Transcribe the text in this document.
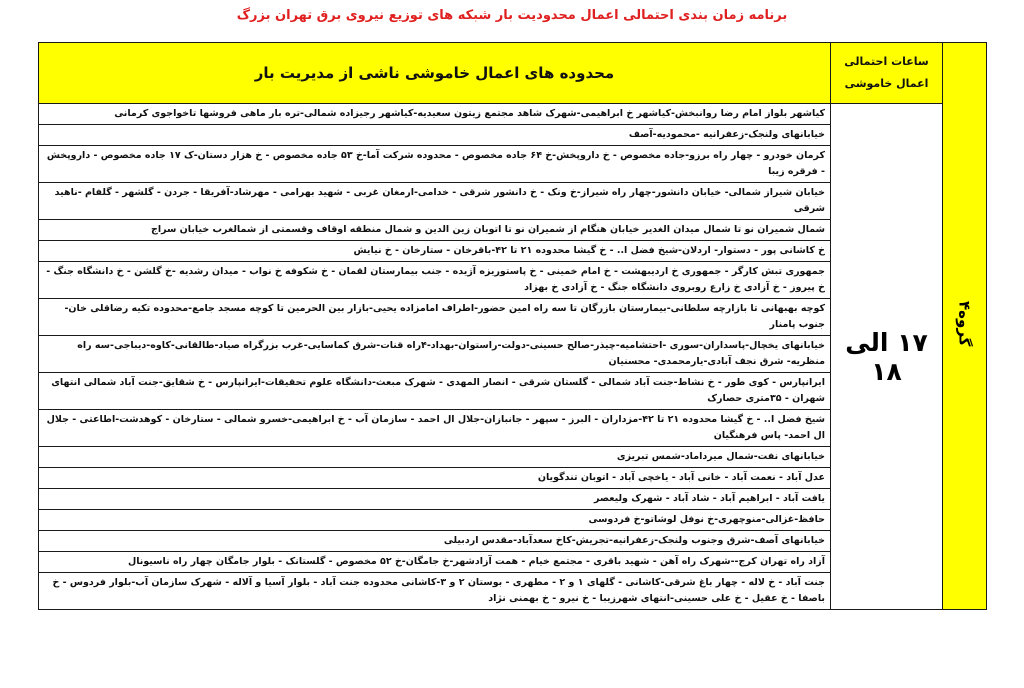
برنامه زمان بندی احتمالی اعمال محدودیت بار شبکه های توزیع نیروی برق تهران بزرگ
گروه۴	ساعات احتمالی اعمال خاموشی	محدوده های اعمال خاموشی ناشی از مدیریت بار
	۱۷ الی ۱۸	کیاشهر بلواز امام رضا روانبخش-کیاشهر خ ابراهیمی-شهرک شاهد مجتمع زیتون سعیدیه-کیاشهر رجیزاده شمالی-تره بار ماهی فروشها تاخواجوی کرمانی
		خیابانهای ولنجک-زعفرانیه -محمودیه-آصف
		کرمان خودرو - چهار راه برزو-جاده مخصوص - خ داروپخش-خ ۶۴ جاده مخصوص - محدوده شرکت آما-خ ۵۳ جاده مخصوص - خ هزار دستان-ک ۱۷ جاده مخصوص - داروپخش - فرقره زیبا
		خیابان شیراز شمالی- خیابان دانشور-چهار راه شیراز-خ ونک - خ دانشور شرقی - خدامی-ارمغان غربی - شهید بهرامی - مهرشاد-آفریقا - جردن - گلشهر - گلفام -ناهید شرقی
		شمال شمیران نو تا شمال میدان الغدیر خیابان هنگام از شمیران نو تا اتوبان زین الدین و شمال منطقه اوقاف وقسمتی از شمالغرب خیابان سراج
		خ کاشانی پور - دستوار- اردلان-شیخ فضل ا.. - خ گیشا محدوده ۲۱ تا ۴۲-باقرخان - ستارخان - خ نیایش
		جمهوری تبش کارگر - جمهوری خ اردیبهشت - خ امام خمینی - خ پاستوریزه آژیده - جنب بیمارستان لقمان - خ شکوفه خ نواب - میدان رشدیه -خ گلشن - خ دانشگاه جنگ - خ پیروز - خ آزادی خ زارع روبروی دانشگاه جنگ - خ آزادی خ بهزاد
		کوچه بهبهانی تا بازارچه سلطانی-بیمارستان بازرگان تا سه راه امین حضور-اطراف امامزاده یحیی-بازار بین الحرمین تا کوچه مسجد جامع-محدوده تکیه رضاقلی خان-جنوب پامنار
		خیابانهای یخچال-پاسداران-سوری -احتشامیه-چیذر-صالح حسینی-دولت-راستوان-بهداد-۴راه قنات-شرق کماسایی-غرب بزرگراه صیاد-طالقانی-کاوه-دیباجی-سه راه منظریه- شرق نجف آبادی-یارمحمدی- محسنیان
		ایرانپارس - کوی طور - خ نشاط-جنت آباد شمالی - گلستان شرقی - انصار المهدی - شهرک مبعث-دانشگاه علوم تحقیقات-ایرانپارس - خ شقایق-جنت آباد شمالی انتهای شهران - ۳۵متری حصارک
		شیخ فضل ا.. - خ گیشا محدوده ۲۱ تا ۴۲-مزداران - البرز - سپهر - جانبازان-جلال ال احمد - سازمان آب - خ ابراهیمی-خسرو شمالی - ستارخان - کوهدشت-اطاعتی - جلال ال احمد- پاس فرهنگیان
		خیابانهای نفت-شمال میرداماد-شمس تبریزی
		عدل آباد - نعمت آباد - خانی آباد - یاخچی آباد - اتوبان تندگویان
		یافت آباد - ابراهیم آباد - شاد آباد - شهرک ولیعصر
		حافظ-غزالی-منوچهری-خ نوفل لوشاتو-خ فردوسی
		خیابانهای آصف-شرق وجنوب ولنجک-زعفرانیه-تجریش-کاخ سعدآباد-مقدس اردبیلی
		آزاد راه تهران کرج--شهرک راه آهن - شهید باقری - مجتمع خیام - همت آزادشهر-خ جامگان-خ ۵۲ مخصوص - گلستانک - بلوار جامگان چهار راه ناسیونال
		جنت آباد - خ لاله - چهار باغ شرقی-کاشانی - گلهای ۱ و ۲ - مطهری - بوستان ۲ و ۳-کاشانی محدوده جنت آباد - بلوار آسیا و آلاله - شهرک سازمان آب-بلوار فردوس - خ باصفا - خ عقیل - خ علی حسینی-انتهای شهرزیبا - خ نیرو - خ بهمنی نژاد
